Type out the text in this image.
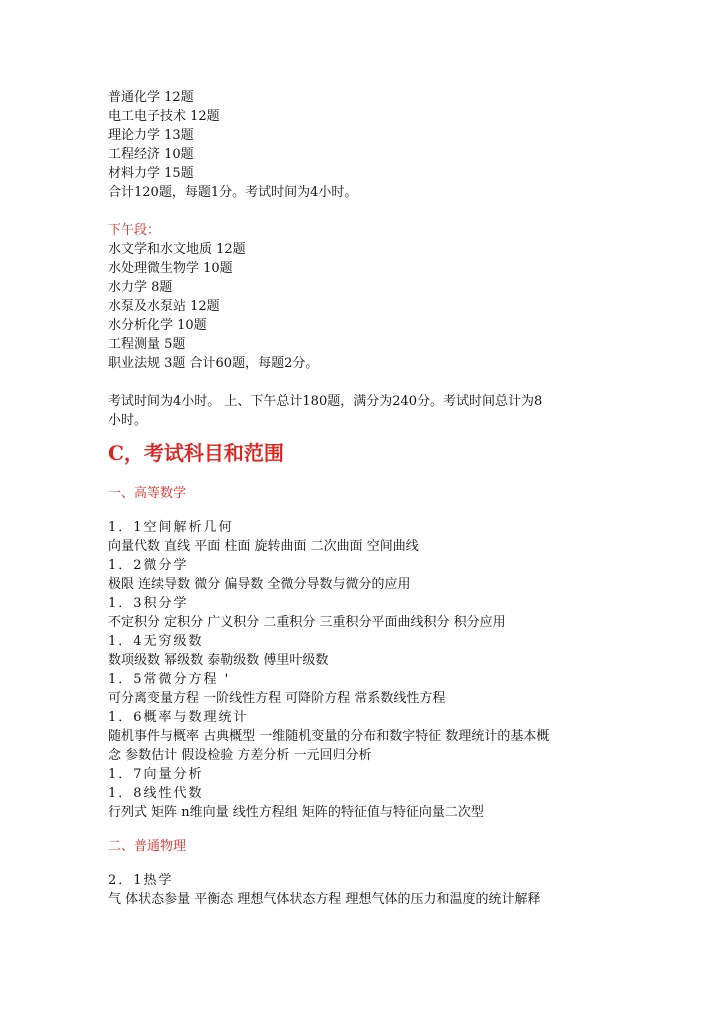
普通化学 12题
电工电子技术 12题
理论力学 13题
工程经济 10题
材料力学 15题
合计120题，每题1分。考试时间为4小时。
下午段：
水文学和水文地质 12题
水处理微生物学 10题
水力学 8题
水泵及水泵站 12题
水分析化学 10题
工程测量 5题
职业法规 3题 合计60题，每题2分。
考试时间为4小时。 上、下午总计180题，满分为240分。考试时间总计为8
小时。
C，考试科目和范围
一、高等数学
1．1空间解析几何
向量代数 直线 平面 柱面 旋转曲面 二次曲面 空间曲线
1．2微分学
极限 连续导数 微分 偏导数 全微分导数与微分的应用
1．3积分学
不定积分 定积分 广义积分 二重积分 三重积分平面曲线积分 积分应用
1．4无穷级数
数项级数 幂级数 泰勒级数 傅里叶级数
1．5常微分方程 '
可分离变量方程 一阶线性方程 可降阶方程 常系数线性方程
1．6概率与数理统计
随机事件与概率 古典概型 一维随机变量的分布和数字特征 数理统计的基本概
念 参数估计 假设检验 方差分析 一元回归分析
1．7向量分析
1．8线性代数
行列式 矩阵 n维向量 线性方程组 矩阵的特征值与特征向量二次型
二、普通物理
2．1热学
气 体状态参量 平衡态 理想气体状态方程 理想气体的压力和温度的统计解释
